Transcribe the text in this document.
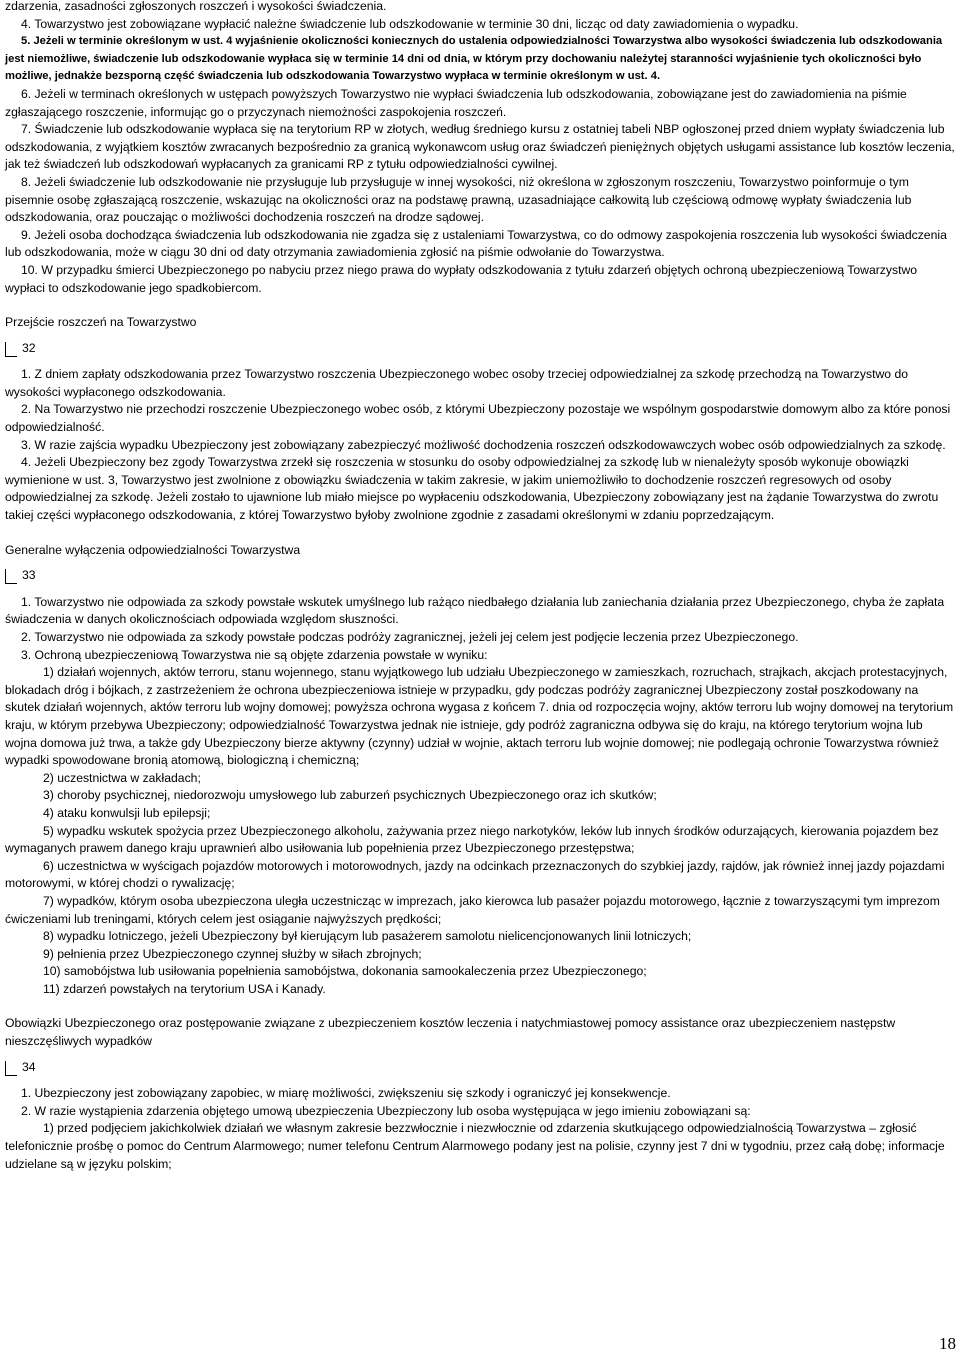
zdarzenia, zasadności zgłoszonych roszczeń i wysokości świadczenia.

4. Towarzystwo jest zobowiązane wypłacić należne świadczenie lub odszkodowanie w terminie 30 dni, licząc od daty zawiadomienia o wypadku.

5. Jeżeli w terminie określonym w ust. 4 wyjaśnienie okoliczności koniecznych do ustalenia odpowiedzialności Towarzystwa albo wysokości świadczenia lub odszkodowania jest niemożliwe, świadczenie lub odszkodowanie wypłaca się w terminie 14 dni od dnia, w którym przy dochowaniu należytej staranności wyjaśnienie tych okoliczności było możliwe, jednakże bezsporną część świadczenia lub odszkodowania Towarzystwo wypłaca w terminie określonym w ust. 4.

6. Jeżeli w terminach określonych w ustępach powyższych Towarzystwo nie wypłaci świadczenia lub odszkodowania, zobowiązane jest do zawiadomienia na piśmie zgłaszającego roszczenie, informując go o przyczynach niemożności zaspokojenia roszczeń.

7. Świadczenie lub odszkodowanie wypłaca się na terytorium RP w złotych, według średniego kursu z ostatniej tabeli NBP ogłoszonej przed dniem wypłaty świadczenia lub odszkodowania, z wyjątkiem kosztów zwracanych bezpośrednio za granicą wykonawcom usług oraz świadczeń pieniężnych objętych usługami assistance lub kosztów leczenia, jak też świadczeń lub odszkodowań wypłacanych za granicami RP z tytułu odpowiedzialności cywilnej.

8. Jeżeli świadczenie lub odszkodowanie nie przysługuje lub przysługuje w innej wysokości, niż określona w zgłoszonym roszczeniu, Towarzystwo poinformuje o tym pisemnie osobę zgłaszającą roszczenie, wskazując na okoliczności oraz na podstawę prawną, uzasadniające całkowitą lub częściową odmowę wypłaty świadczenia lub odszkodowania, oraz pouczając o możliwości dochodzenia roszczeń na drodze sądowej.

9. Jeżeli osoba dochodząca świadczenia lub odszkodowania nie zgadza się z ustaleniami Towarzystwa, co do odmowy zaspokojenia roszczenia lub wysokości świadczenia lub odszkodowania, może w ciągu 30 dni od daty otrzymania zawiadomienia zgłosić na piśmie odwołanie do Towarzystwa.

10. W przypadku śmierci Ubezpieczonego po nabyciu przez niego prawa do wypłaty odszkodowania z tytułu zdarzeń objętych ochroną ubezpieczeniową Towarzystwo wypłaci to odszkodowanie jego spadkobiercom.

Przejście roszczeń na Towarzystwo

32

1. Z dniem zapłaty odszkodowania przez Towarzystwo roszczenia Ubezpieczonego wobec osoby trzeciej odpowiedzialnej za szkodę przechodzą na Towarzystwo do wysokości wypłaconego odszkodowania.

2. Na Towarzystwo nie przechodzi roszczenie Ubezpieczonego wobec osób, z którymi Ubezpieczony pozostaje we wspólnym gospodarstwie domowym albo za które ponosi odpowiedzialność.

3. W razie zajścia wypadku Ubezpieczony jest zobowiązany zabezpieczyć możliwość dochodzenia roszczeń odszkodowawczych wobec osób odpowiedzialnych za szkodę.

4. Jeżeli Ubezpieczony bez zgody Towarzystwa zrzekł się roszczenia w stosunku do osoby odpowiedzialnej za szkodę lub w nienależyty sposób wykonuje obowiązki wymienione w ust. 3, Towarzystwo jest zwolnione z obowiązku świadczenia w takim zakresie, w jakim uniemożliwiło to dochodzenie roszczeń regresowych od osoby odpowiedzialnej za szkodę. Jeżeli zostało to ujawnione lub miało miejsce po wypłaceniu odszkodowania, Ubezpieczony zobowiązany jest na żądanie Towarzystwa do zwrotu takiej części wypłaconego odszkodowania, z której Towarzystwo byłoby zwolnione zgodnie z zasadami określonymi w zdaniu poprzedzającym.

Generalne wyłączenia odpowiedzialności Towarzystwa

33

1. Towarzystwo nie odpowiada za szkody powstałe wskutek umyślnego lub rażąco niedbałego działania lub zaniechania działania przez Ubezpieczonego, chyba że zapłata świadczenia w danych okolicznościach odpowiada względom słuszności.

2. Towarzystwo nie odpowiada za szkody powstałe podczas podróży zagranicznej, jeżeli jej celem jest podjęcie leczenia przez Ubezpieczonego.

3. Ochroną ubezpieczeniową Towarzystwa nie są objęte zdarzenia powstałe w wyniku:

1) działań wojennych, aktów terroru, stanu wojennego, stanu wyjątkowego lub udziału Ubezpieczonego w zamieszkach, rozruchach, strajkach, akcjach protestacyjnych, blokadach dróg i bójkach, z zastrzeżeniem że ochrona ubezpieczeniowa istnieje w przypadku, gdy podczas podróży zagranicznej Ubezpieczony został poszkodowany na skutek działań wojennych, aktów terroru lub wojny domowej; powyższa ochrona wygasa z końcem 7. dnia od rozpoczęcia wojny, aktów terroru lub wojny domowej na terytorium kraju, w którym przebywa Ubezpieczony; odpowiedzialność Towarzystwa jednak nie istnieje, gdy podróż zagraniczna odbywa się do kraju, na którego terytorium wojna lub wojna domowa już trwa, a także gdy Ubezpieczony bierze aktywny (czynny) udział w wojnie, aktach terroru lub wojnie domowej; nie podlegają ochronie Towarzystwa również wypadki spowodowane bronią atomową, biologiczną i chemiczną;

2) uczestnictwa w zakładach;

3) choroby psychicznej, niedorozwoju umysłowego lub zaburzeń psychicznych Ubezpieczonego oraz ich skutków;

4) ataku konwulsji lub epilepsji;

5) wypadku wskutek spożycia przez Ubezpieczonego alkoholu, zażywania przez niego narkotyków, leków lub innych środków odurzających, kierowania pojazdem bez wymaganych prawem danego kraju uprawnień albo usiłowania lub popełnienia przez Ubezpieczonego przestępstwa;

6) uczestnictwa w wyścigach pojazdów motorowych i motorowodnych, jazdy na odcinkach przeznaczonych do szybkiej jazdy, rajdów, jak również innej jazdy pojazdami motorowymi, w której chodzi o rywalizację;

7) wypadków, którym osoba ubezpieczona uległa uczestnicząc w imprezach, jako kierowca lub pasażer pojazdu motorowego, łącznie z towarzyszącymi tym imprezom ćwiczeniami lub treningami, których celem jest osiąganie najwyższych prędkości;

8) wypadku lotniczego, jeżeli Ubezpieczony był kierującym lub pasażerem samolotu nielicencjonowanych linii lotniczych;

9) pełnienia przez Ubezpieczonego czynnej służby w siłach zbrojnych;

10) samobójstwa lub usiłowania popełnienia samobójstwa, dokonania samookaleczenia przez Ubezpieczonego;

11) zdarzeń powstałych na terytorium USA i Kanady.

Obowiązki Ubezpieczonego oraz postępowanie związane z ubezpieczeniem kosztów leczenia i natychmiastowej pomocy assistance oraz ubezpieczeniem następstw nieszczęśliwych wypadków

34

1. Ubezpieczony jest zobowiązany zapobiec, w miarę możliwości, zwiększeniu się szkody i ograniczyć jej konsekwencje.

2. W razie wystąpienia zdarzenia objętego umową ubezpieczenia Ubezpieczony lub osoba występująca w jego imieniu zobowiązani są:

1) przed podjęciem jakichkolwiek działań we własnym zakresie bezzwłocznie i niezwłocznie od zdarzenia skutkującego odpowiedzialnością Towarzystwa – zgłosić telefonicznie prośbę o pomoc do Centrum Alarmowego; numer telefonu Centrum Alarmowego podany jest na polisie, czynny jest 7 dni w tygodniu, przez całą dobę; informacje udzielane są w języku polskim;

18
